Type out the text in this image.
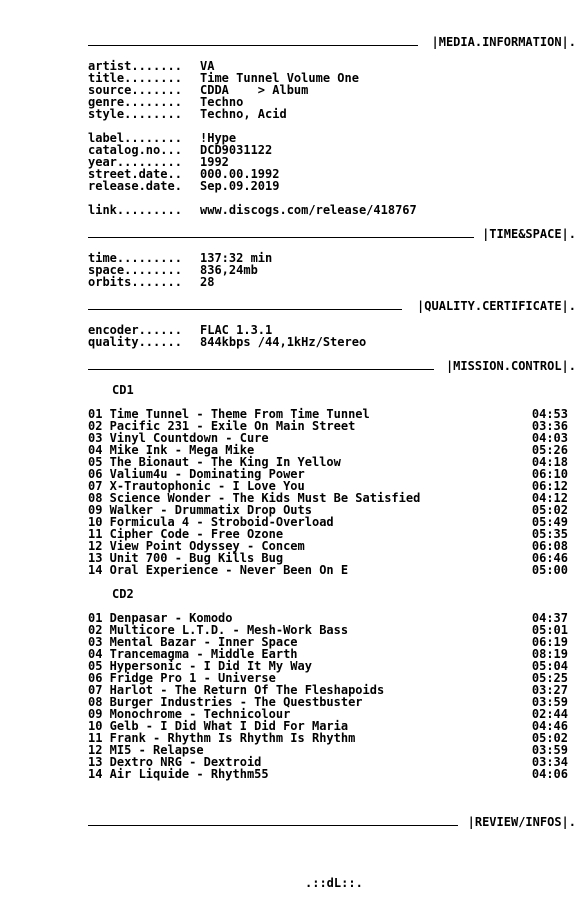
|MEDIA.INFORMATION|.
artist....... VA
title........ Time Tunnel Volume One
source....... CDDA    > Album
genre........ Techno
style........ Techno, Acid
label........ !Hype
catalog.no... DCD9031122
year......... 1992
street.date.. 000.00.1992
release.date. Sep.09.2019
link......... www.discogs.com/release/418767
|TIME&SPACE|.
time......... 137:32 min
space........ 836,24mb
orbits....... 28
|QUALITY.CERTIFICATE|.
encoder...... FLAC 1.3.1
quality...... 844kbps /44,1kHz/Stereo
|MISSION.CONTROL|.
CD1
01 Time Tunnel - Theme From Time Tunnel	04:53
02 Pacific 231 - Exile On Main Street	03:36
03 Vinyl Countdown - Cure	04:03
04 Mike Ink - Mega Mike	05:26
05 The Bionaut - The King In Yellow	04:18
06 Valium4u - Dominating Power	06:10
07 X-Trautophonic - I Love You	06:12
08 Science Wonder - The Kids Must Be Satisfied	04:12
09 Walker - Drummatix Drop Outs	05:02
10 Formicula 4 - Stroboid-Overload	05:49
11 Cipher Code - Free Ozone	05:35
12 View Point Odyssey - Concem	06:08
13 Unit 700 - Bug Kills Bug	06:46
14 Oral Experience - Never Been On E	05:00
CD2
01 Denpasar - Komodo	04:37
02 Multicore L.T.D. - Mesh-Work Bass	05:01
03 Mental Bazar - Inner Space	06:19
04 Trancemagma - Middle Earth	08:19
05 Hypersonic - I Did It My Way	05:04
06 Fridge Pro 1 - Universe	05:25
07 Harlot - The Return Of The Fleshapoids	03:27
08 Burger Industries - The Questbuster	03:59
09 Monochrome - Technicolour	02:44
10 Gelb - I Did What I Did For Maria	04:46
11 Frank - Rhythm Is Rhythm Is Rhythm	05:02
12 MI5 - Relapse	03:59
13 Dextro NRG - Dextroid	03:34
14 Air Liquide - Rhythm55	04:06
|REVIEW/INFOS|.
.::dL::.
